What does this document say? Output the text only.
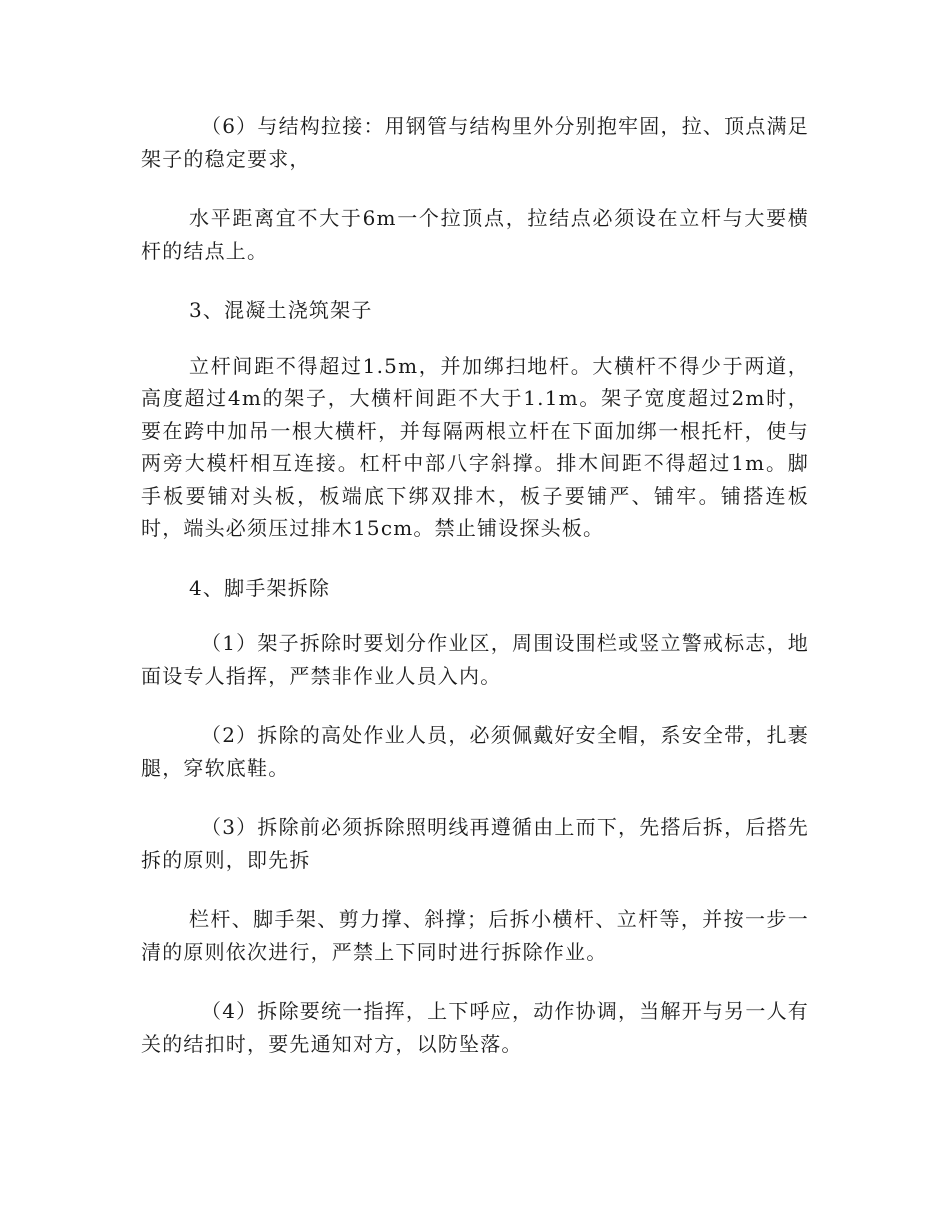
（6）与结构拉接：用钢管与结构里外分别抱牢固，拉、顶点满足架子的稳定要求，

水平距离宜不大于6m一个拉顶点，拉结点必须设在立杆与大要横杆的结点上。

3、混凝土浇筑架子

立杆间距不得超过1.5m，并加绑扫地杆。大横杆不得少于两道，高度超过4m的架子，大横杆间距不大于1.1m。架子宽度超过2m时，要在跨中加吊一根大横杆，并每隔两根立杆在下面加绑一根托杆，使与两旁大模杆相互连接。杠杆中部八字斜撑。排木间距不得超过1m。脚手板要铺对头板，板端底下绑双排木，板子要铺严、铺牢。铺搭连板时，端头必须压过排木15cm。禁止铺设探头板。

4、脚手架拆除

（1）架子拆除时要划分作业区，周围设围栏或竖立警戒标志，地面设专人指挥，严禁非作业人员入内。

（2）拆除的高处作业人员，必须佩戴好安全帽，系安全带，扎裹腿，穿软底鞋。

（3）拆除前必须拆除照明线再遵循由上而下，先搭后拆，后搭先拆的原则，即先拆

栏杆、脚手架、剪力撑、斜撑；后拆小横杆、立杆等，并按一步一清的原则依次进行，严禁上下同时进行拆除作业。

（4）拆除要统一指挥，上下呼应，动作协调，当解开与另一人有关的结扣时，要先通知对方，以防坠落。
